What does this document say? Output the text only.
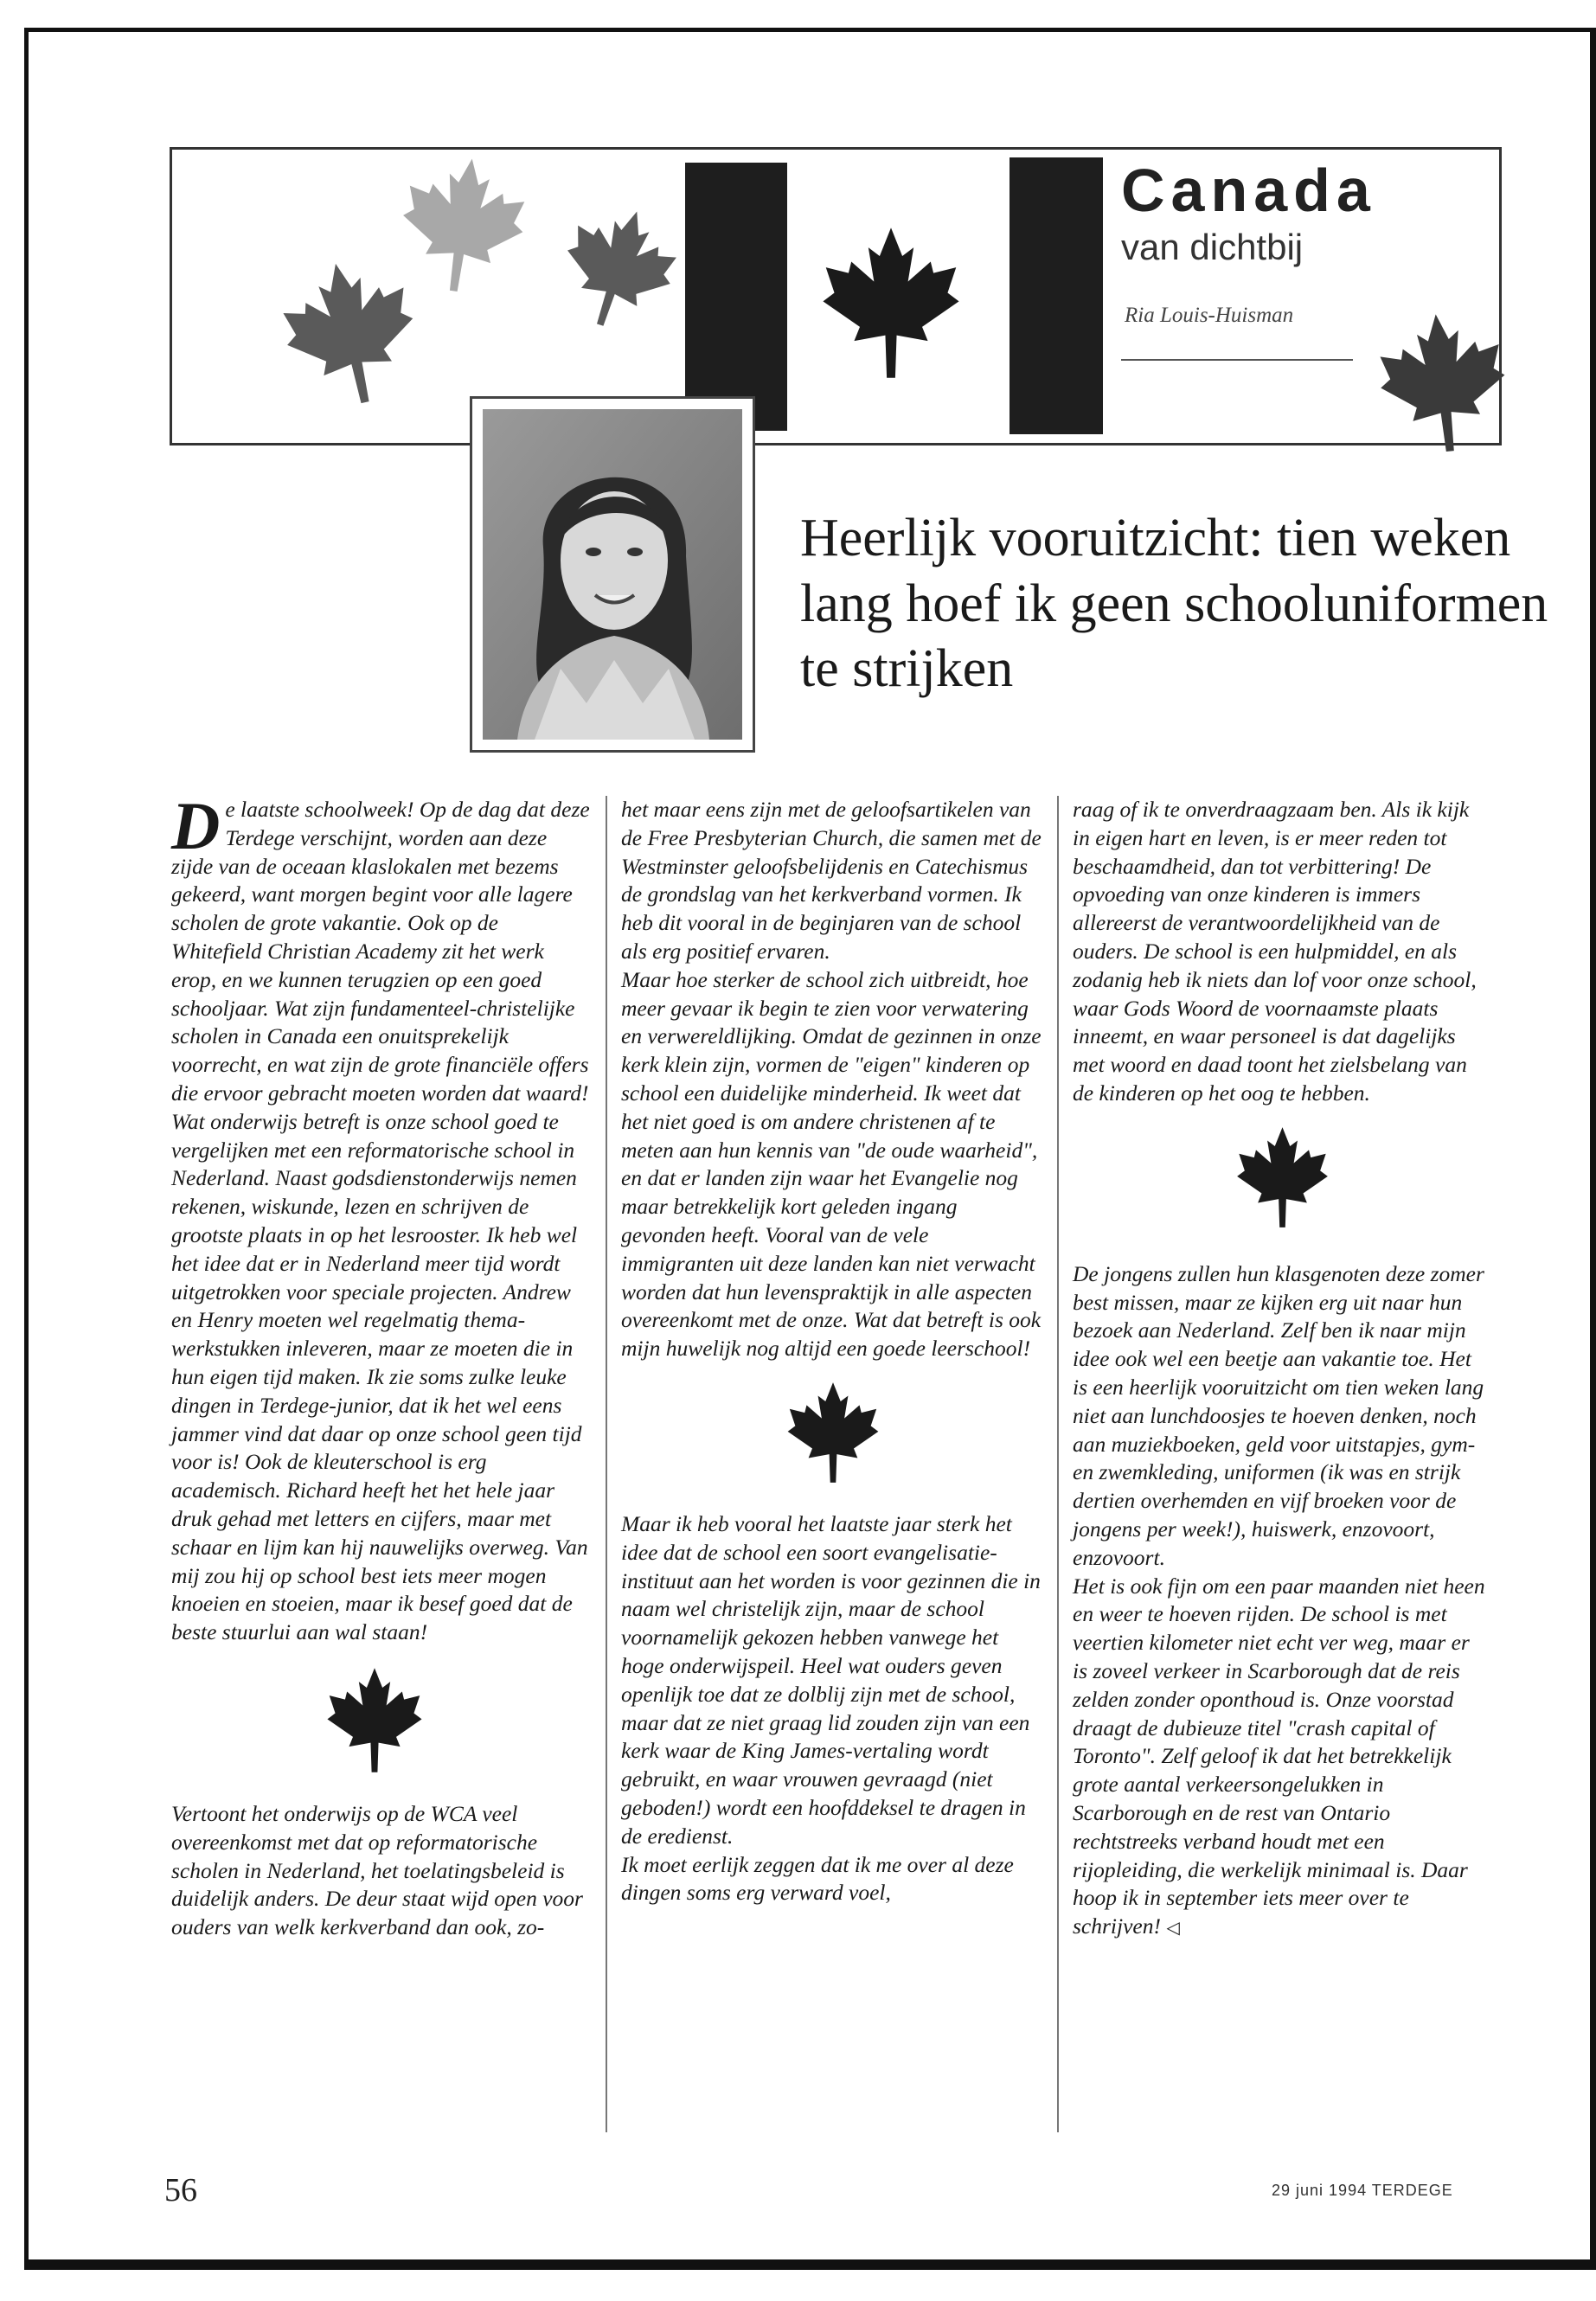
Canada
van dichtbij
Ria Louis-Huisman
Heerlijk vooruitzicht: tien weken lang hoef ik geen schooluniformen te strijken

De laatste schoolweek! Op de dag dat deze Terdege verschijnt, worden aan deze zijde van de oceaan klaslokalen met bezems gekeerd, want morgen begint voor alle lagere scholen de grote vakantie. Ook op de Whitefield Christian Academy zit het werk erop, en we kunnen terugzien op een goed schooljaar. Wat zijn fundamenteel-christelijke scholen in Canada een onuitsprekelijk voorrecht, en wat zijn de grote financiële offers die ervoor gebracht moeten worden dat waard!

Wat onderwijs betreft is onze school goed te vergelijken met een reformatorische school in Nederland. Naast godsdienstonderwijs nemen rekenen, wiskunde, lezen en schrijven de grootste plaats in op het lesrooster. Ik heb wel het idee dat er in Nederland meer tijd wordt uitgetrokken voor speciale projecten. Andrew en Henry moeten wel regelmatig thema-werkstukken inleveren, maar ze moeten die in hun eigen tijd maken. Ik zie soms zulke leuke dingen in Terdege-junior, dat ik het wel eens jammer vind dat daar op onze school geen tijd voor is! Ook de kleuterschool is erg academisch. Richard heeft het het hele jaar druk gehad met letters en cijfers, maar met schaar en lijm kan hij nauwelijks overweg. Van mij zou hij op school best iets meer mogen knoeien en stoeien, maar ik besef goed dat de beste stuurlui aan wal staan!

Vertoont het onderwijs op de WCA veel overeenkomst met dat op reformatorische scholen in Nederland, het toelatingsbeleid is duidelijk anders. De deur staat wijd open voor ouders van welk kerkverband dan ook, zo-

het maar eens zijn met de geloofsartikelen van de Free Presbyterian Church, die samen met de Westminster geloofsbelijdenis en Catechismus de grondslag van het kerkverband vormen. Ik heb dit vooral in de beginjaren van de school als erg positief ervaren.

Maar hoe sterker de school zich uitbreidt, hoe meer gevaar ik begin te zien voor verwatering en verwereldlijking. Omdat de gezinnen in onze kerk klein zijn, vormen de "eigen" kinderen op school een duidelijke minderheid. Ik weet dat het niet goed is om andere christenen af te meten aan hun kennis van "de oude waarheid", en dat er landen zijn waar het Evangelie nog maar betrekkelijk kort geleden ingang gevonden heeft. Vooral van de vele immigranten uit deze landen kan niet verwacht worden dat hun levenspraktijk in alle aspecten overeenkomt met de onze. Wat dat betreft is ook mijn huwelijk nog altijd een goede leerschool!

Maar ik heb vooral het laatste jaar sterk het idee dat de school een soort evangelisatie-instituut aan het worden is voor gezinnen die in naam wel christelijk zijn, maar de school voornamelijk gekozen hebben vanwege het hoge onderwijspeil. Heel wat ouders geven openlijk toe dat ze dolblij zijn met de school, maar dat ze niet graag lid zouden zijn van een kerk waar de King James-vertaling wordt gebruikt, en waar vrouwen gevraagd (niet geboden!) wordt een hoofddeksel te dragen in de eredienst.

Ik moet eerlijk zeggen dat ik me over al deze dingen soms erg verward voel,

raag of ik te onverdraagzaam ben. Als ik kijk in eigen hart en leven, is er meer reden tot beschaamdheid, dan tot verbittering! De opvoeding van onze kinderen is immers allereerst de verantwoordelijkheid van de ouders. De school is een hulpmiddel, en als zodanig heb ik niets dan lof voor onze school, waar Gods Woord de voornaamste plaats inneemt, en waar personeel is dat dagelijks met woord en daad toont het zielsbelang van de kinderen op het oog te hebben.

De jongens zullen hun klasgenoten deze zomer best missen, maar ze kijken erg uit naar hun bezoek aan Nederland. Zelf ben ik naar mijn idee ook wel een beetje aan vakantie toe. Het is een heerlijk vooruitzicht om tien weken lang niet aan lunchdoosjes te hoeven denken, noch aan muziekboeken, geld voor uitstapjes, gym- en zwemkleding, uniformen (ik was en strijk dertien overhemden en vijf broeken voor de jongens per week!), huiswerk, enzovoort, enzovoort.

Het is ook fijn om een paar maanden niet heen en weer te hoeven rijden. De school is met veertien kilometer niet echt ver weg, maar er is zoveel verkeer in Scarborough dat de reis zelden zonder oponthoud is. Onze voorstad draagt de dubieuze titel "crash capital of Toronto". Zelf geloof ik dat het betrekkelijk grote aantal verkeersongelukken in Scarborough en de rest van Ontario rechtstreeks verband houdt met een rijopleiding, die werkelijk minimaal is. Daar hoop ik in september iets meer over te schrijven! ◁

56	29 juni 1994 TERDEGE
